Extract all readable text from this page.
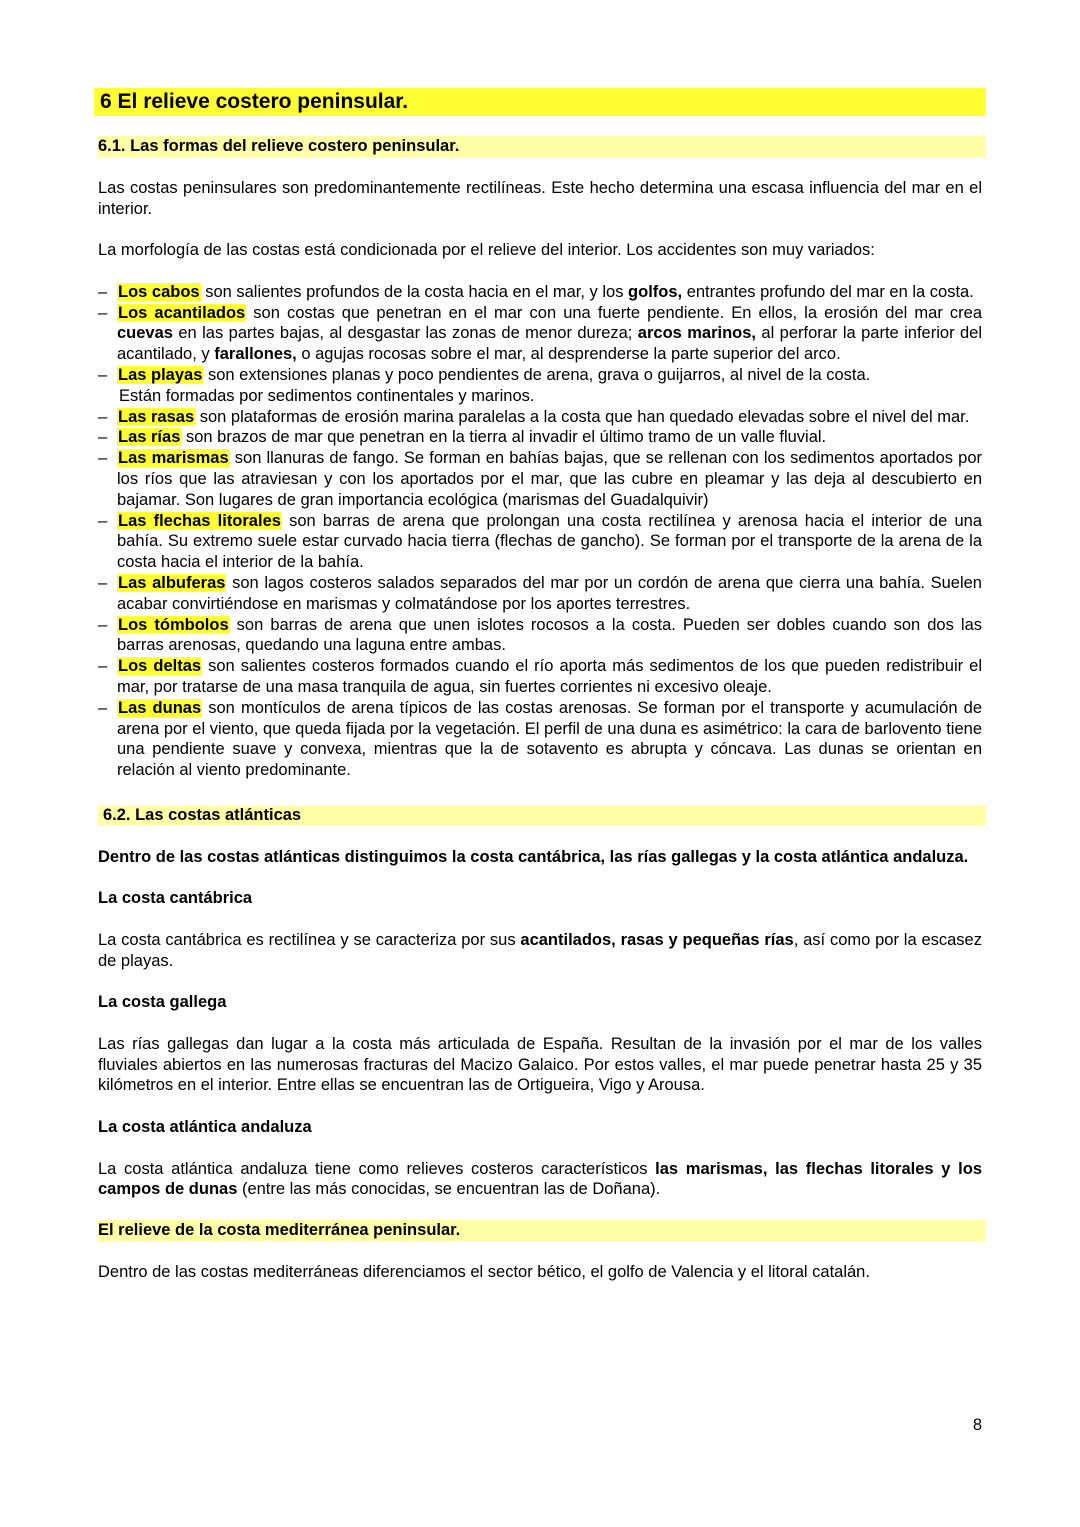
6 El relieve costero peninsular.
6.1. Las formas del relieve costero peninsular.

Las costas peninsulares son predominantemente rectilíneas. Este hecho determina una escasa influencia del mar en el interior.

La morfología de las costas está condicionada por el relieve del interior. Los accidentes son muy variados:

– Los cabos son salientes profundos de la costa hacia en el mar, y los golfos, entrantes profundo del mar en la costa.
– Los acantilados son costas que penetran en el mar con una fuerte pendiente. En ellos, la erosión del mar crea cuevas en las partes bajas, al desgastar las zonas de menor dureza; arcos marinos, al perforar la parte inferior del acantilado, y farallones, o agujas rocosas sobre el mar, al desprenderse la parte superior del arco.
– Las playas son extensiones planas y poco pendientes de arena, grava o guijarros, al nivel de la costa.
Están formadas por sedimentos continentales y marinos.
– Las rasas son plataformas de erosión marina paralelas a la costa que han quedado elevadas sobre el nivel del mar.
– Las rías son brazos de mar que penetran en la tierra al invadir el último tramo de un valle fluvial.
– Las marismas son llanuras de fango. Se forman en bahías bajas, que se rellenan con los sedimentos aportados por los ríos que las atraviesan y con los aportados por el mar, que las cubre en pleamar y las deja al descubierto en bajamar. Son lugares de gran importancia ecológica (marismas del Guadalquivir)
– Las flechas litorales son barras de arena que prolongan una costa rectilínea y arenosa hacia el interior de una bahía. Su extremo suele estar curvado hacia tierra (flechas de gancho). Se forman por el transporte de la arena de la costa hacia el interior de la bahía.
– Las albuferas son lagos costeros salados separados del mar por un cordón de arena que cierra una bahía. Suelen acabar convirtiéndose en marismas y colmatándose por los aportes terrestres.
– Los tómbolos son barras de arena que unen islotes rocosos a la costa. Pueden ser dobles cuando son dos las barras arenosas, quedando una laguna entre ambas.
– Los deltas son salientes costeros formados cuando el río aporta más sedimentos de los que pueden redistribuir el mar, por tratarse de una masa tranquila de agua, sin fuertes corrientes ni excesivo oleaje.
– Las dunas son montículos de arena típicos de las costas arenosas. Se forman por el transporte y acumulación de arena por el viento, que queda fijada por la vegetación. El perfil de una duna es asimétrico: la cara de barlovento tiene una pendiente suave y convexa, mientras que la de sotavento es abrupta y cóncava. Las dunas se orientan en relación al viento predominante.
6.2. Las costas atlánticas

Dentro de las costas atlánticas distinguimos la costa cantábrica, las rías gallegas y la costa atlántica andaluza.

La costa cantábrica

La costa cantábrica es rectilínea y se caracteriza por sus acantilados, rasas y pequeñas rías, así como por la escasez de playas.

La costa gallega

Las rías gallegas dan lugar a la costa más articulada de España. Resultan de la invasión por el mar de los valles fluviales abiertos en las numerosas fracturas del Macizo Galaico. Por estos valles, el mar puede penetrar hasta 25 y 35 kilómetros en el interior. Entre ellas se encuentran las de Ortigueira, Vigo y Arousa.

La costa atlántica andaluza

La costa atlántica andaluza tiene como relieves costeros característicos las marismas, las flechas litorales y los campos de dunas (entre las más conocidas, se encuentran las de Doñana).

El relieve de la costa mediterránea peninsular.

Dentro de las costas mediterráneas diferenciamos el sector bético, el golfo de Valencia y el litoral catalán.

8
